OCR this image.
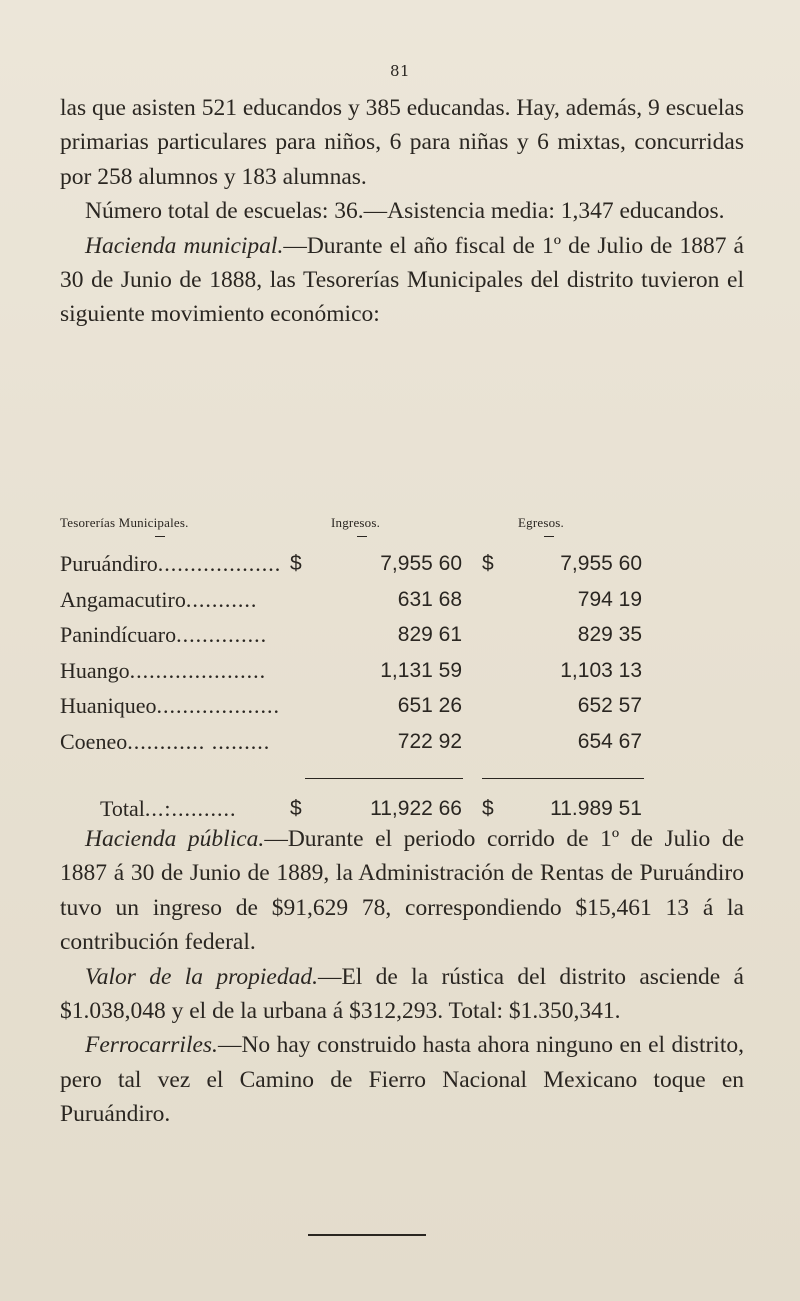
81

las que asisten 521 educandos y 385 educandas. Hay, además, 9 escuelas primarias particulares para niños, 6 para niñas y 6 mixtas, concurridas por 258 alumnos y 183 alumnas.

Número total de escuelas: 36.—Asistencia media: 1,347 educandos.

Hacienda municipal.—Durante el año fiscal de 1º de Julio de 1887 á 30 de Junio de 1888, las Tesorerías Municipales del distrito tuvieron el siguiente movimiento económico:

Tesorerías Municipales.	Ingresos.	Egresos.
Puruándiro................... $	7,955 60 $	7,955 60
Angamacutiro...........	631 68	794 19
Panindícuaro..............	829 61	829 35
Huango.....................	1,131 59	1,103 13
Huaniqueo...................	651 26	652 57
Coeneo............ .........	722 92	654 67
Total...:..........	$	11,922 66 $	11.989 51

Hacienda pública.—Durante el periodo corrido de 1º de Julio de 1887 á 30 de Junio de 1889, la Administración de Rentas de Puruándiro tuvo un ingreso de $91,629 78, correspondiendo $15,461 13 á la contribución federal.

Valor de la propiedad.—El de la rústica del distrito asciende á $1.038,048 y el de la urbana á $312,293. Total: $1.350,341.

Ferrocarriles.—No hay construido hasta ahora ninguno en el distrito, pero tal vez el Camino de Fierro Nacional Mexicano toque en Puruándiro.
